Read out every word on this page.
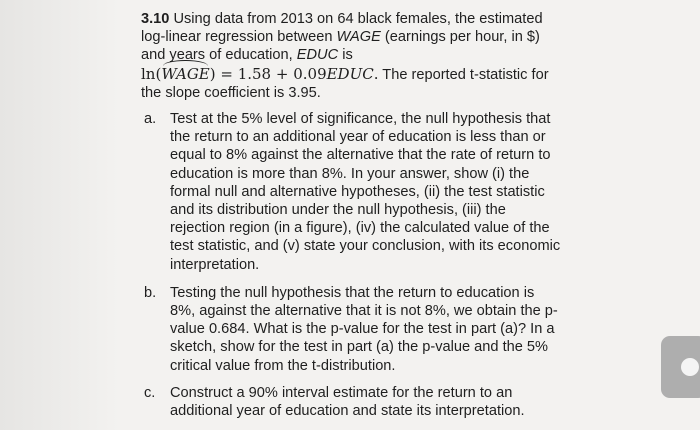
3.10 Using data from 2013 on 64 black females, the estimated log-linear regression between WAGE (earnings per hour, in $) and years of education, EDUC is

ln(WAGE) = 1.58 + 0.09EDUC. The reported t-statistic for the slope coefficient is 3.95.

a. Test at the 5% level of significance, the null hypothesis that the return to an additional year of education is less than or equal to 8% against the alternative that the rate of return to education is more than 8%. In your answer, show (i) the formal null and alternative hypotheses, (ii) the test statistic and its distribution under the null hypothesis, (iii) the rejection region (in a figure), (iv) the calculated value of the test statistic, and (v) state your conclusion, with its economic interpretation.
b. Testing the null hypothesis that the return to education is 8%, against the alternative that it is not 8%, we obtain the p-value 0.684. What is the p-value for the test in part (a)? In a sketch, show for the test in part (a) the p-value and the 5% critical value from the t-distribution.
c.	Construct a 90% interval estimate for the return to an additional year of education and state its interpretation.
